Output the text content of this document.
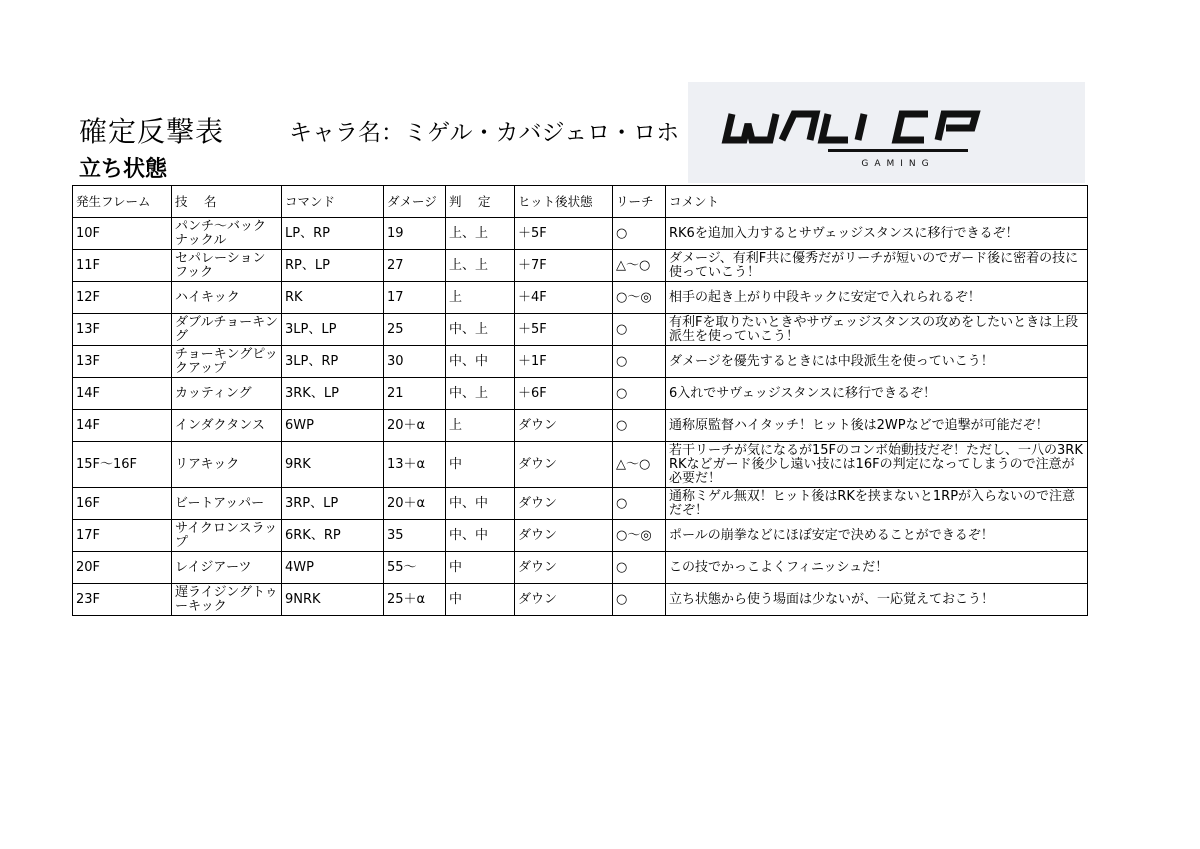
確定反撃表	キャラ名：ミゲル・カバジェロ・ロホ
立ち状態	GAMING
WALKER
発生フレーム	技　 名	コマンド	ダメージ	判　 定	ヒット後状態	リーチ	コメント
10F	パンチ～バックナックル	LP、RP	19	上、上	＋5F	○	RK6を追加入力するとサヴェッジスタンスに移行できるぞ！
11F	セパレーションフック	RP、LP	27	上、上	＋7F	△～○	ダメージ、有利F共に優秀だがリーチが短いのでガード後に密着の技に使っていこう！
12F	ハイキック	RK	17	上	＋4F	○～◎	相手の起き上がり中段キックに安定で入れられるぞ！
13F	ダブルチョーキング	3LP、LP	25	中、上	＋5F	○	有利Fを取りたいときやサヴェッジスタンスの攻めをしたいときは上段派生を使っていこう！
13F	チョーキングピックアップ	3LP、RP	30	中、中	＋1F	○	ダメージを優先するときには中段派生を使っていこう！
14F	カッティング	3RK、LP	21	中、上	＋6F	○	6入れでサヴェッジスタンスに移行できるぞ！
14F	インダクタンス	6WP	20＋α	上	ダウン	○	通称原監督ハイタッチ！ヒット後は2WPなどで追撃が可能だぞ！
15F～16F	リアキック	9RK	13＋α	中	ダウン	△～○	若干リーチが気になるが15Fのコンボ始動技だぞ！ただし、一八の3RKRKなどガード後少し遠い技には16Fの判定になってしまうので注意が必要だ！
16F	ビートアッパー	3RP、LP	20＋α	中、中	ダウン	○	通称ミゲル無双！ヒット後はRKを挟まないと1RPが入らないので注意だぞ！
17F	サイクロンスラップ	6RK、RP	35	中、中	ダウン	○～◎	ポールの崩拳などにほぼ安定で決めることができるぞ！
20F	レイジアーツ	4WP	55～	中	ダウン	○	この技でかっこよくフィニッシュだ！
23F	遅ライジングトゥーキック	9NRK	25＋α	中	ダウン	○	立ち状態から使う場面は少ないが、一応覚えておこう！
